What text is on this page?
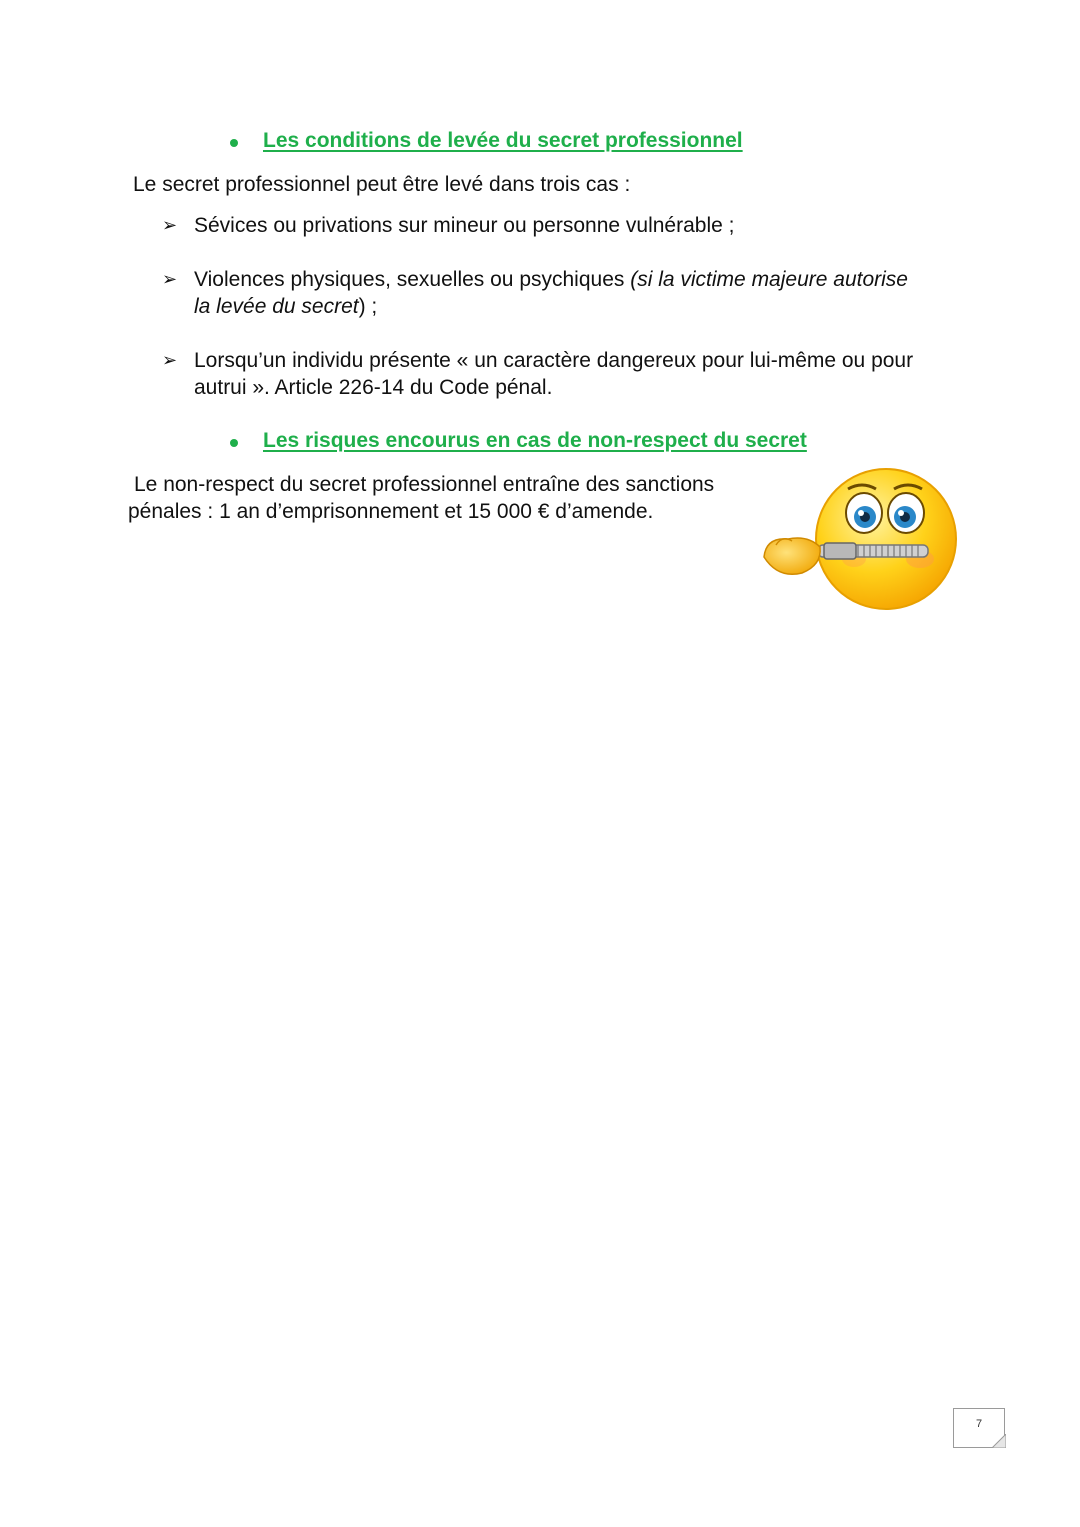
Les conditions de levée du secret professionnel
Le secret professionnel peut être levé dans trois cas :
➢ Sévices ou privations sur mineur ou personne vulnérable ;
➢ Violences physiques, sexuelles ou psychiques (si la victime majeure autorise
la levée du secret) ;
➢ Lorsqu’un individu présente « un caractère dangereux pour lui-même ou pour
autrui ». Article 226-14 du Code pénal.
Les risques encourus en cas de non-respect du secret
Le non-respect du secret professionnel entraîne des sanctions
pénales : 1 an d’emprisonnement et 15 000 € d’amende.
7
